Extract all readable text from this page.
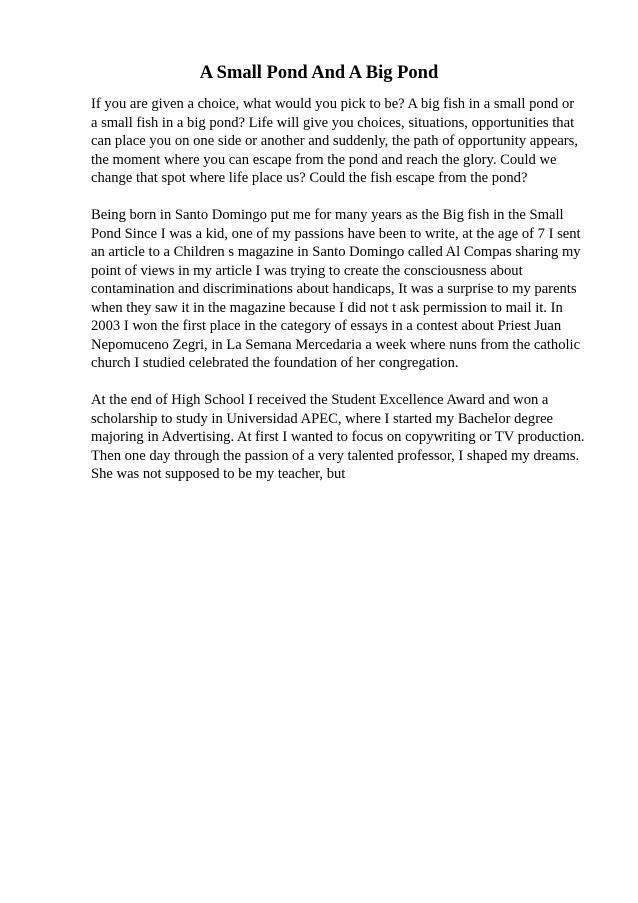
A Small Pond And A Big Pond

If you are given a choice, what would you pick to be? A big fish in a small pond or
a small fish in a big pond? Life will give you choices, situations, opportunities that
can place you on one side or another and suddenly, the path of opportunity appears,
the moment where you can escape from the pond and reach the glory. Could we
change that spot where life place us? Could the fish escape from the pond?

Being born in Santo Domingo put me for many years as the Big fish in the Small
Pond Since I was a kid, one of my passions have been to write, at the age of 7 I sent
an article to a Children s magazine in Santo Domingo called Al Compas sharing my
point of views in my article I was trying to create the consciousness about
contamination and discriminations about handicaps, It was a surprise to my parents
when they saw it in the magazine because I did not t ask permission to mail it. In
2003 I won the first place in the category of essays in a contest about Priest Juan
Nepomuceno Zegri, in La Semana Mercedaria a week where nuns from the catholic
church I studied celebrated the foundation of her congregation.

At the end of High School I received the Student Excellence Award and won a
scholarship to study in Universidad APEC, where I started my Bachelor degree
majoring in Advertising. At first I wanted to focus on copywriting or TV production.
Then one day through the passion of a very talented professor, I shaped my dreams.
She was not supposed to be my teacher, but
